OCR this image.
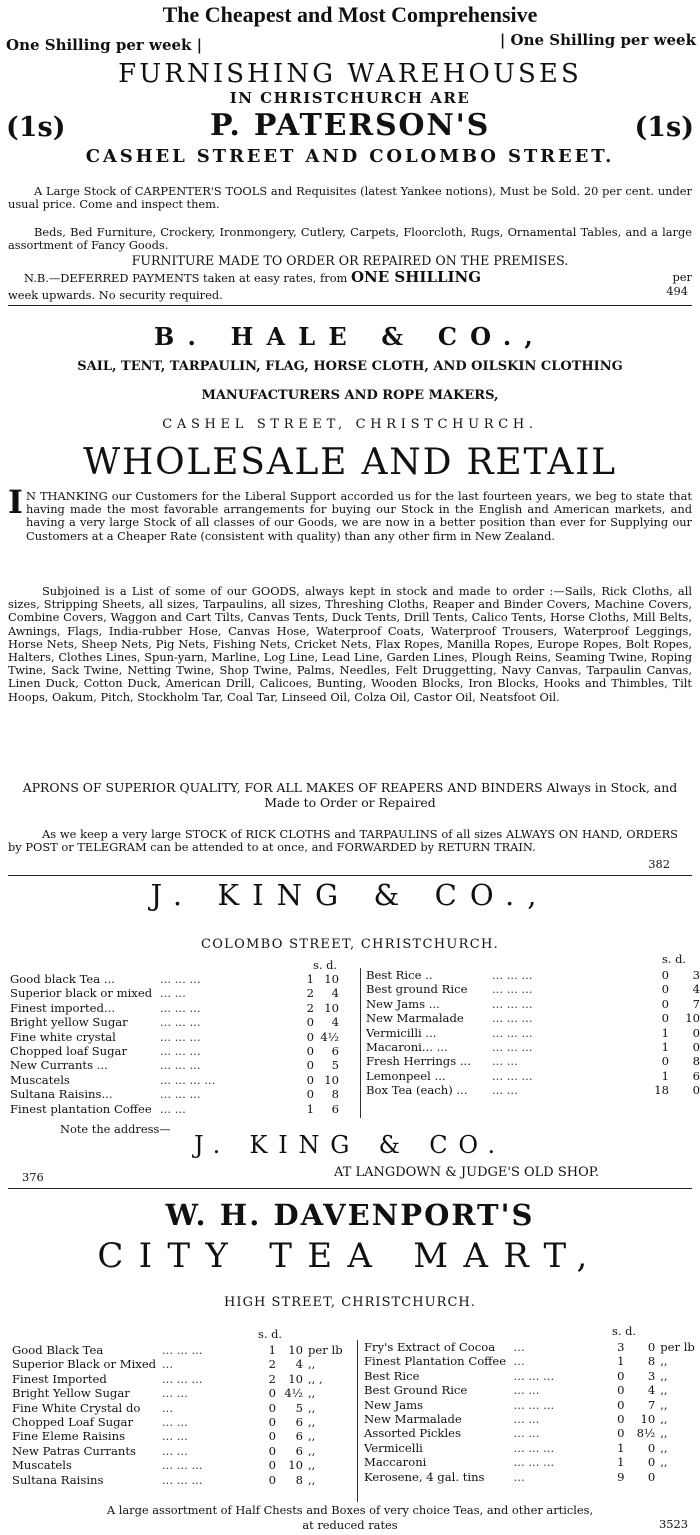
The Cheapest and Most Comprehensive
One Shilling per week |	| One Shilling per week
FURNISHING WAREHOUSES
IN CHRISTCHURCH ARE
(1s)	P. PATERSON'S	(1s)
CASHEL STREET AND COLOMBO STREET.
A Large Stock of CARPENTER'S TOOLS and Requisites (latest Yankee notions), Must be Sold. 20 per cent. under usual price. Come and inspect them.
Beds, Bed Furniture, Crockery, Ironmongery, Cutlery, Carpets, Floorcloth, Rugs, Ornamental Tables, and a large assortment of Fancy Goods.
FURNITURE MADE TO ORDER OR REPAIRED ON THE PREMISES.
N.B.—DEFERRED PAYMENTS taken at easy rates, from ONE SHILLING	per
week upwards. No security required.	494
B. HALE & CO.,
SAIL, TENT, TARPAULIN, FLAG, HORSE CLOTH, AND OILSKIN CLOTHING
MANUFACTURERS AND ROPE MAKERS,
CASHEL STREET, CHRISTCHURCH.
WHOLESALE AND RETAIL
I N THANKING our Customers for the Liberal Support accorded us for the last fourteen years, we beg to state that having made the most favorable arrangements for buying our Stock in the English and American markets, and having a very large Stock of all classes of our Goods, we are now in a better position than ever for Supplying our Customers at a Cheaper Rate (consistent with quality) than any other firm in New Zealand.
Subjoined is a List of some of our GOODS, always kept in stock and made to order :—Sails, Rick Cloths, all sizes, Stripping Sheets, all sizes, Tarpaulins, all sizes, Threshing Cloths, Reaper and Binder Covers, Machine Covers, Combine Covers, Waggon and Cart Tilts, Canvas Tents, Duck Tents, Drill Tents, Calico Tents, Horse Cloths, Mill Belts, Awnings, Flags, India-rubber Hose, Canvas Hose, Waterproof Coats, Waterproof Trousers, Waterproof Leggings, Horse Nets, Sheep Nets, Pig Nets, Fishing Nets, Cricket Nets, Flax Ropes, Manilla Ropes, Europe Ropes, Bolt Ropes, Halters, Clothes Lines, Spun-yarn, Marline, Log Line, Lead Line, Garden Lines, Plough Reins, Seaming Twine, Roping Twine, Sack Twine, Netting Twine, Shop Twine, Palms, Needles, Felt Druggetting, Navy Canvas, Tarpaulin Canvas, Linen Duck, Cotton Duck, American Drill, Calicoes, Bunting, Wooden Blocks, Iron Blocks, Hooks and Thimbles, Tilt Hoops, Oakum, Pitch, Stockholm Tar, Coal Tar, Linseed Oil, Colza Oil, Castor Oil, Neatsfoot Oil.
APRONS OF SUPERIOR QUALITY, FOR ALL MAKES OF REAPERS AND BINDERS Always in Stock, and Made to Order or Repaired
As we keep a very large STOCK of RICK CLOTHS and TARPAULINS of all sizes ALWAYS ON HAND, ORDERS by POST or TELEGRAM can be attended to at once, and FORWARDED by RETURN TRAIN.
382
J. KING & CO.,
COLOMBO STREET, CHRISTCHURCH.
s. d.	s. d.
Good black Tea ...	... ... ...	1	10
Superior black or mixed	... ...	2	4
Finest imported...	... ... ...	2	10
Bright yellow Sugar	... ... ...	0	4
Fine white crystal	... ... ...	0	4½
Chopped loaf Sugar	... ... ...	0	6
New Currants ...	... ... ...	0	5
Muscatels	... ... ... ...	0	10
Sultana Raisins...	... ... ...	0	8
Finest plantation Coffee	... ...	1	6
Best Rice ..	... ... ...	0	3
Best ground Rice	... ... ...	0	4
New Jams ...	... ... ...	0	7
New Marmalade	... ... ...	0	10
Vermicilli ...	... ... ...	1	0
Macaroni... ...	... ... ...	1	0
Fresh Herrings ...	... ...	0	8
Lemonpeel ...	... ... ...	1	6
Box Tea (each) ...	... ...	18	0
Note the address—
J. KING & CO.
376	AT LANGDOWN & JUDGE'S OLD SHOP.
W. H. DAVENPORT'S
CITY TEA MART,
HIGH STREET, CHRISTCHURCH.
s. d.	s. d.
Good Black Tea	... ... ...	1	10	per lb
Superior Black or Mixed	...	2	4	,,
Finest Imported	... ... ...	2	10	,, ,
Bright Yellow Sugar	... ...	0	4½	,,
Fine White Crystal do	...	0	5	,,
Chopped Loaf Sugar	... ...	0	6	,,
Fine Eleme Raisins	... ...	0	6	,,
New Patras Currants	... ...	0	6	,,
Muscatels	... ... ...	0	10	,,
Sultana Raisins	... ... ...	0	8	,,
Fry's Extract of Cocoa	...	3	0	per lb
Finest Plantation Coffee	...	1	8	,,
Best Rice	... ... ...	0	3	,,
Best Ground Rice	... ...	0	4	,,
New Jams	... ... ...	0	7	,,
New Marmalade	... ...	0	10	,,
Assorted Pickles	... ...	0	8½	,,
Vermicelli	... ... ...	1	0	,,
Maccaroni	... ... ...	1	0	,,
Kerosene, 4 gal. tins	...	9	0	
A large assortment of Half Chests and Boxes of very choice Teas, and other articles,
at reduced rates	3523
